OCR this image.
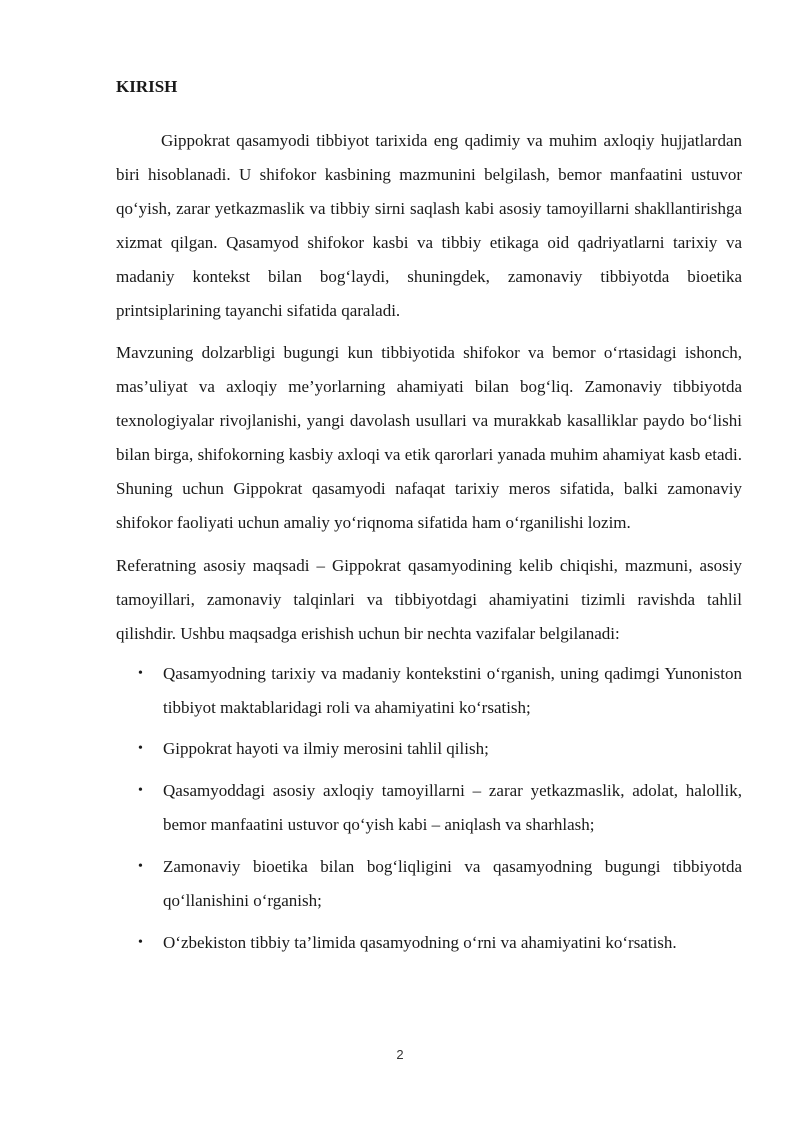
KIRISH

Gippokrat qasamyodi tibbiyot tarixida eng qadimiy va muhim axloqiy hujjatlardan biri hisoblanadi. U shifokor kasbining mazmunini belgilash, bemor manfaatini ustuvor qo‘yish, zarar yetkazmaslik va tibbiy sirni saqlash kabi asosiy tamoyillarni shakllantirishga xizmat qilgan. Qasamyod shifokor kasbi va tibbiy etikaga oid qadriyatlarni tarixiy va madaniy kontekst bilan bog‘laydi, shuningdek, zamonaviy tibbiyotda bioetika printsiplarining tayanchi sifatida qaraladi.

Mavzuning dolzarbligi bugungi kun tibbiyotida shifokor va bemor o‘rtasidagi ishonch, mas’uliyat va axloqiy me’yorlarning ahamiyati bilan bog‘liq. Zamonaviy tibbiyotda texnologiyalar rivojlanishi, yangi davolash usullari va murakkab kasalliklar paydo bo‘lishi bilan birga, shifokorning kasbiy axloqi va etik qarorlari yanada muhim ahamiyat kasb etadi. Shuning uchun Gippokrat qasamyodi nafaqat tarixiy meros sifatida, balki zamonaviy shifokor faoliyati uchun amaliy yo‘riqnoma sifatida ham o‘rganilishi lozim.

Referatning asosiy maqsadi – Gippokrat qasamyodining kelib chiqishi, mazmuni, asosiy tamoyillari, zamonaviy talqinlari va tibbiyotdagi ahamiyatini tizimli ravishda tahlil qilishdir. Ushbu maqsadga erishish uchun bir nechta vazifalar belgilanadi:

• Qasamyodning tarixiy va madaniy kontekstini o‘rganish, uning qadimgi Yunoniston tibbiyot maktablaridagi roli va ahamiyatini ko‘rsatish;
• Gippokrat hayoti va ilmiy merosini tahlil qilish;
• Qasamyoddagi asosiy axloqiy tamoyillarni – zarar yetkazmaslik, adolat, halollik, bemor manfaatini ustuvor qo‘yish kabi – aniqlash va sharhlash;
• Zamonaviy bioetika bilan bog‘liqligini va qasamyodning bugungi tibbiyotda qo‘llanishini o‘rganish;
• O‘zbekiston tibbiy ta’limida qasamyodning o‘rni va ahamiyatini ko‘rsatish.
2
